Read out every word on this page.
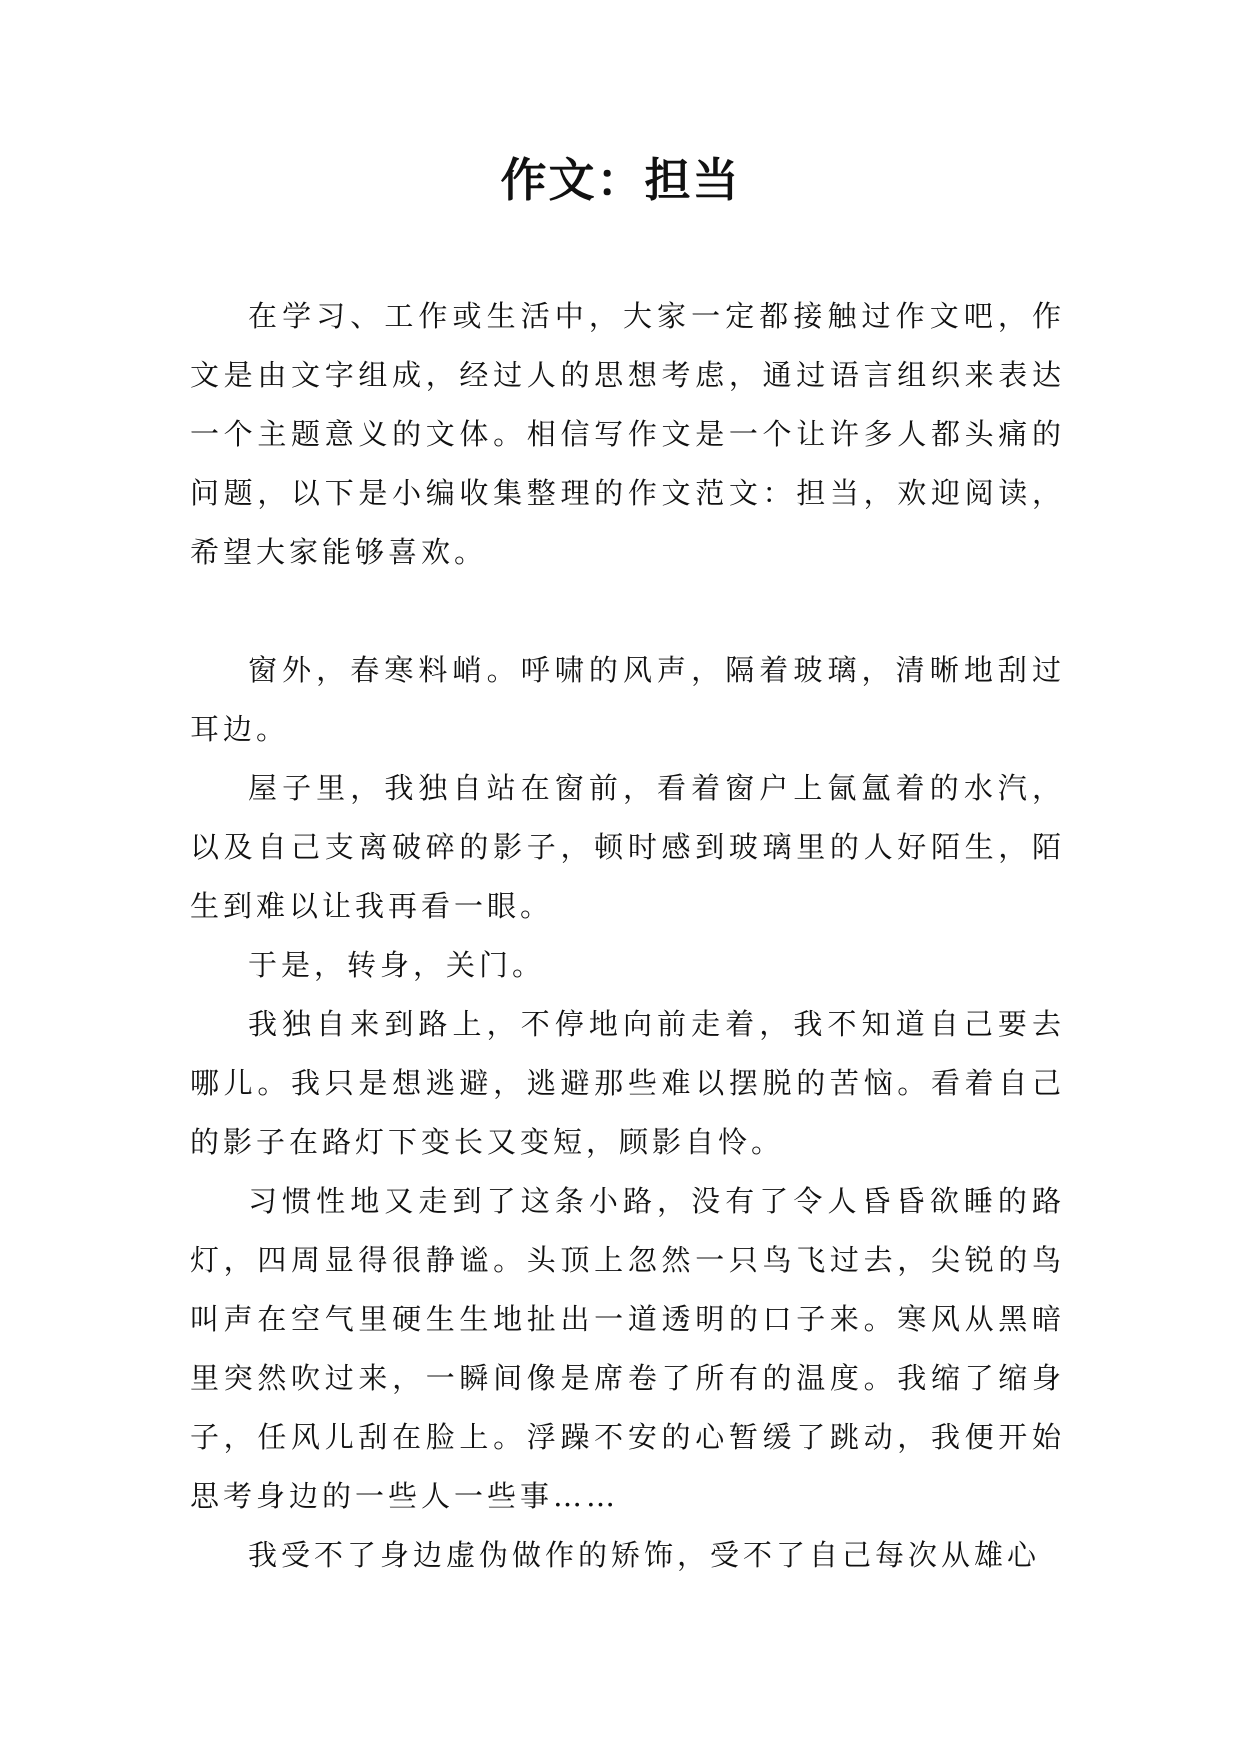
作文：担当

在学习、工作或生活中，大家一定都接触过作文吧，作文是由文字组成，经过人的思想考虑，通过语言组织来表达一个主题意义的文体。相信写作文是一个让许多人都头痛的问题，以下是小编收集整理的作文范文：担当，欢迎阅读，希望大家能够喜欢。

窗外，春寒料峭。呼啸的风声，隔着玻璃，清晰地刮过耳边。

屋子里，我独自站在窗前，看着窗户上氤氲着的水汽，以及自己支离破碎的影子，顿时感到玻璃里的人好陌生，陌生到难以让我再看一眼。

于是，转身，关门。

我独自来到路上，不停地向前走着，我不知道自己要去哪儿。我只是想逃避，逃避那些难以摆脱的苦恼。看着自己的影子在路灯下变长又变短，顾影自怜。

习惯性地又走到了这条小路，没有了令人昏昏欲睡的路灯，四周显得很静谧。头顶上忽然一只鸟飞过去，尖锐的鸟叫声在空气里硬生生地扯出一道透明的口子来。寒风从黑暗里突然吹过来，一瞬间像是席卷了所有的温度。我缩了缩身子，任风儿刮在脸上。浮躁不安的心暂缓了跳动，我便开始思考身边的一些人一些事……

我受不了身边虚伪做作的矫饰，受不了自己每次从雄心
